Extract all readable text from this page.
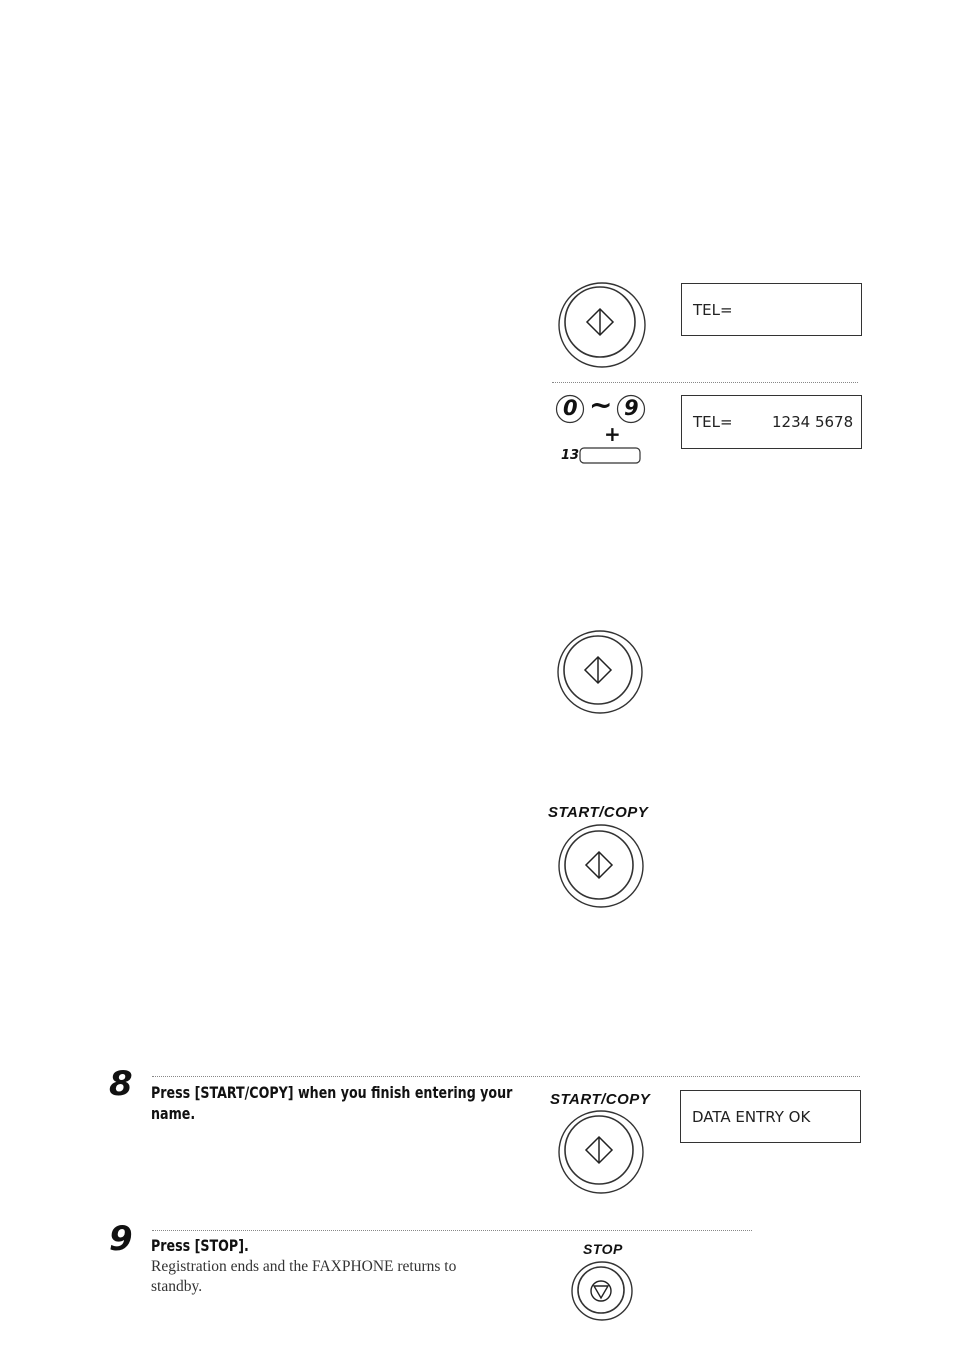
TEL=
0 ~ 9
+
13
TEL=	1234 5678
START/COPY
8 Press [START/COPY] when you finish entering your name.
START/COPY
DATA ENTRY OK
9 Press [STOP].
Registration ends and the FAXPHONE returns to standby.
STOP
